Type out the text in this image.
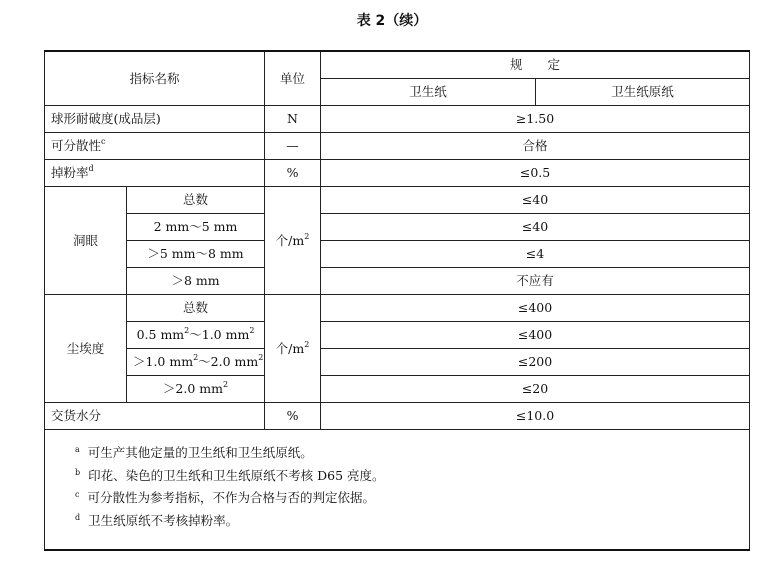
表 2（续）
指标名称		单位	规　　定	
			卫生纸	卫生纸原纸
球形耐破度(成品层)		N	≥1.50	
可分散性$^c$		—	合格	
掉粉率$^d$		%	≤0.5	
洞眼	总数	个$/m^2$	≤40	
	2 mm～5 mm		≤40	
	＞5 mm～8 mm		≤4	
	＞8 mm		不应有	
尘埃度	总数	个$/m^2$	≤400	
	0.5 $mm^2\sim 1.0$ $mm^2$		≤400	
	＞1.0 $mm^2\sim 2.0$ $mm^2$		≤200	
	＞2.0 $mm^2$		≤20	
交货水分		%	≤10.0	

$^a$ 可生产其他定量的卫生纸和卫生纸原纸。
$^b$ 印花、染色的卫生纸和卫生纸原纸不考核 D65 亮度。
$^c$ 可分散性为参考指标，不作为合格与否的判定依据。
$^d$ 卫生纸原纸不考核掉粉率。				
